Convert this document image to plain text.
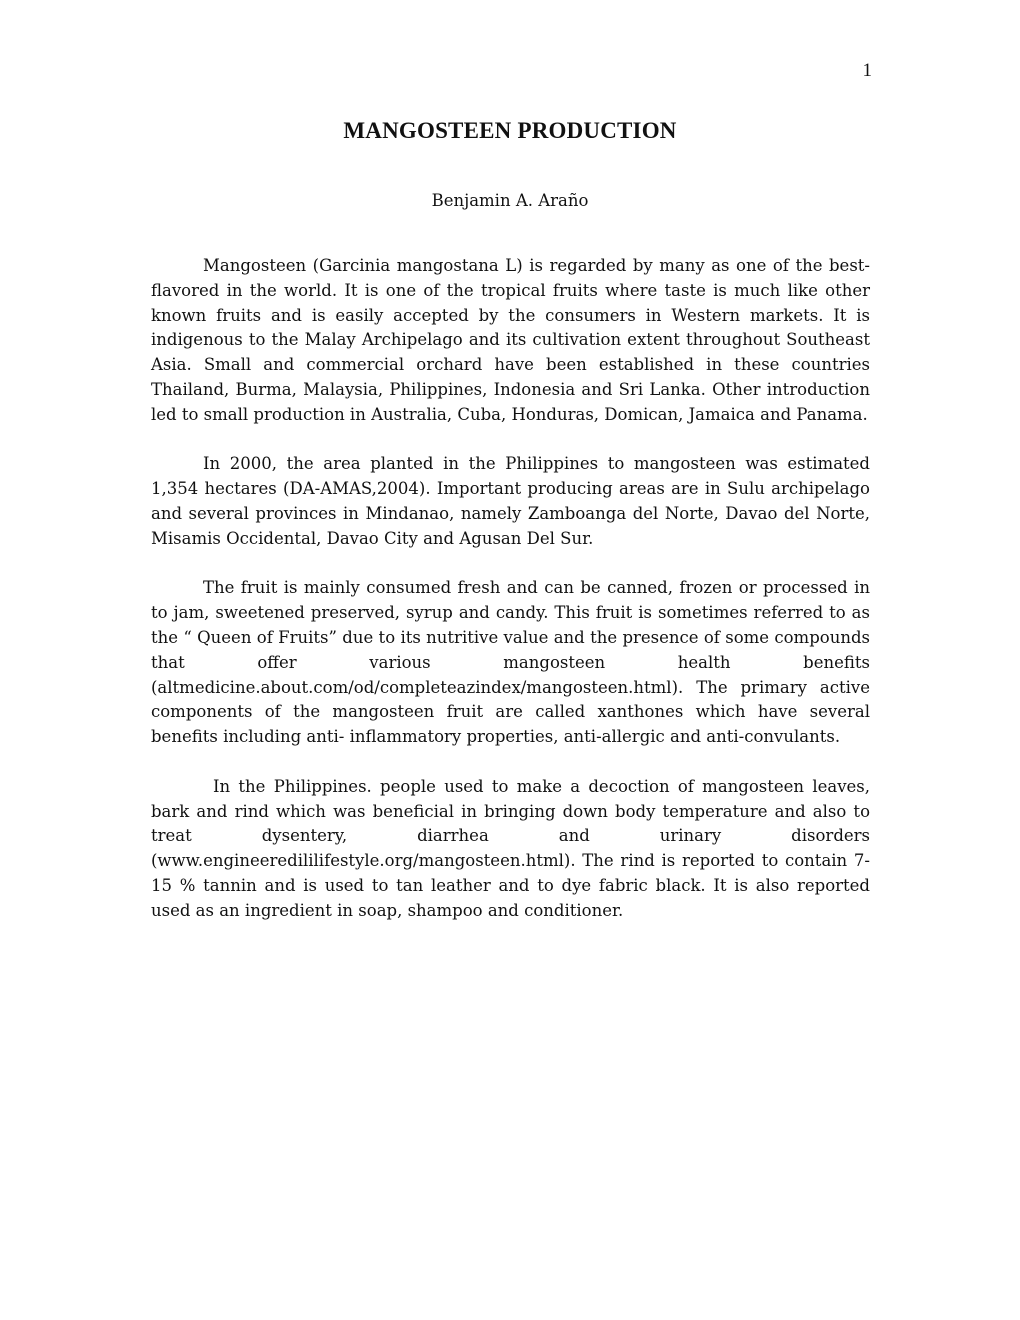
1
MANGOSTEEN PRODUCTION
Benjamin A. Araño

Mangosteen (Garcinia mangostana L) is regarded by many as one of the best-flavored in the world. It is one of the tropical fruits where taste is much like other known fruits and is easily accepted by the consumers in Western markets. It is indigenous to the Malay Archipelago and its cultivation extent throughout Southeast Asia. Small and commercial orchard have been established in these countries Thailand, Burma, Malaysia, Philippines, Indonesia and Sri Lanka. Other introduction led to small production in Australia, Cuba, Honduras, Domican, Jamaica and Panama.

In 2000, the area planted in the Philippines to mangosteen was estimated 1,354 hectares (DA-AMAS,2004). Important producing areas are in Sulu archipelago and several provinces in Mindanao, namely Zamboanga del Norte, Davao del Norte, Misamis Occidental, Davao City and Agusan Del Sur.

The fruit is mainly consumed fresh and can be canned, frozen or processed in to jam, sweetened preserved, syrup and candy. This fruit is sometimes referred to as the “ Queen of Fruits” due to its nutritive value and the presence of some compounds that offer various mangosteen health benefits (altmedicine.about.com/od/completeazindex/mangosteen.html). The primary active components of the mangosteen fruit are called xanthones which have several benefits including anti- inflammatory properties, anti-allergic and anti-convulants.

In the Philippines. people used to make a decoction of mangosteen leaves, bark and rind which was beneficial in bringing down body temperature and also to treat dysentery, diarrhea and urinary disorders (www.engineeredililifestyle.org/mangosteen.html). The rind is reported to contain 7-15 % tannin and is used to tan leather and to dye fabric black. It is also reported used as an ingredient in soap, shampoo and conditioner.
